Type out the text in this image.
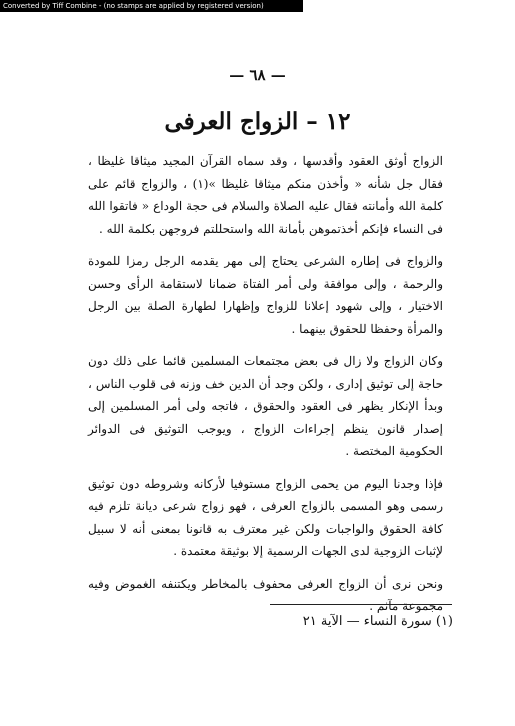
Converted by Tiff Combine - (no stamps are applied by registered version)
— ٦٨ —
١٢ – الزواج العرفى

الزواج أوثق العقود وأقدسها ، وقد سماه القرآن المجيد ميثاقا غليظا ، فقال جل شأنه « وأخذن منكم ميثاقا غليظا »(١) ، والزواج قائم على كلمة الله وأمانته فقال عليه الصلاة والسلام فى حجة الوداع « فاتقوا الله فى النساء فإنكم أخذتموهن بأمانة الله واستحللتم فروجهن بكلمة الله .

والزواج فى إطاره الشرعى يحتاج إلى مهر يقدمه الرجل رمزا للمودة والرحمة ، وإلى موافقة ولى أمر الفتاة ضمانا لاستقامة الرأى وحسن الاختيار ، وإلى شهود إعلانا للزواج وإظهارا لطهارة الصلة بين الرجل والمرأة وحفظا للحقوق بينهما .

وكان الزواج ولا زال فى بعض مجتمعات المسلمين قائما على ذلك دون حاجة إلى توثيق إدارى ، ولكن وجد أن الدين خف وزنه فى قلوب الناس ، وبدأ الإنكار يظهر فى العقود والحقوق ، فاتجه ولى أمر المسلمين إلى إصدار قانون ينظم إجراءات الزواج ، ويوجب التوثيق فى الدوائر الحكومية المختصة .

فإذا وجدنا اليوم من يحمى الزواج مستوفيا لأركانه وشروطه دون توثيق رسمى وهو المسمى بالزواج العرفى ، فهو زواج شرعى ديانة تلزم فيه كافة الحقوق والواجبات ولكن غير معترف به قانونا بمعنى أنه لا سبيل لإثبات الزوجية لدى الجهات الرسمية إلا بوثيقة معتمدة .

ونحن نرى أن الزواج العرفى محفوف بالمخاطر ويكتنفه الغموض وفيه مجموعة مآثم .

(١) سورة النساء — الآية ٢١
